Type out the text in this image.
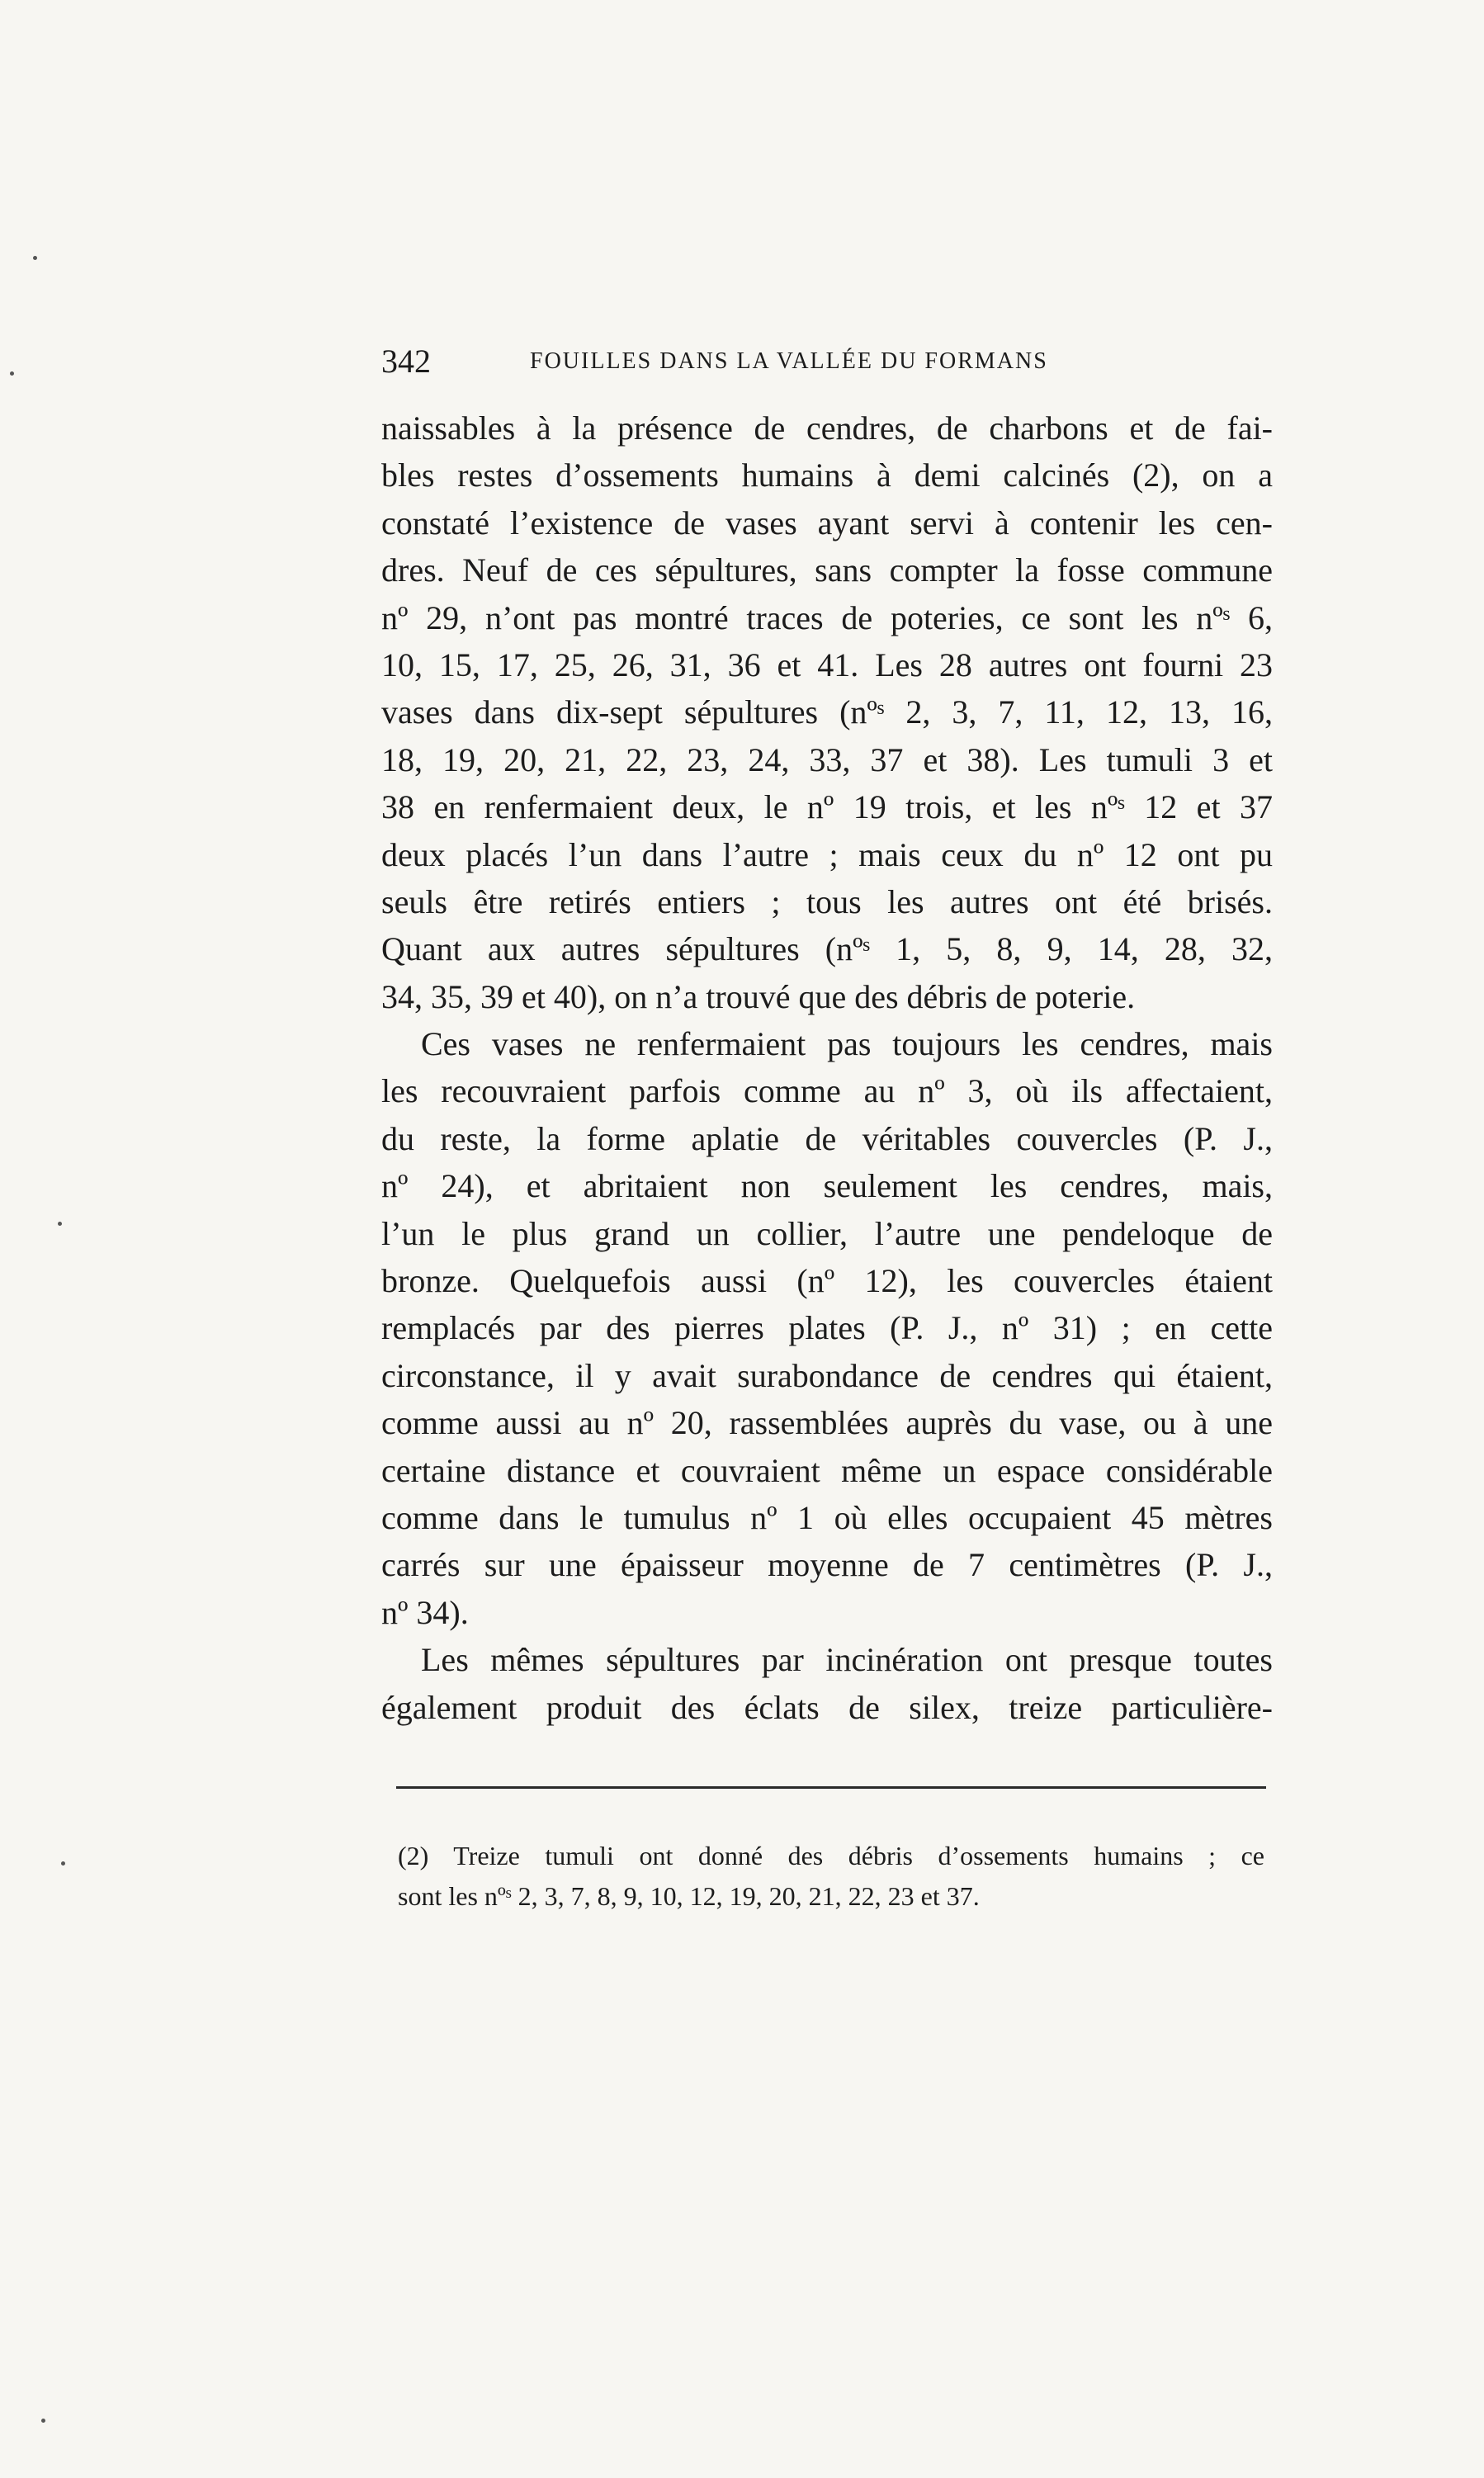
342	FOUILLES DANS LA VALLÉE DU FORMANS
naissables à la présence de cendres, de charbons et de fai-
bles restes d’ossements humains à demi calcinés (2), on a
constaté l’existence de vases ayant servi à contenir les cen-
dres. Neuf de ces sépultures, sans compter la fosse commune
nº 29, n’ont pas montré traces de poteries, ce sont les nºˢ 6,
10, 15, 17, 25, 26, 31, 36 et 41. Les 28 autres ont fourni 23
vases dans dix-sept sépultures (nºˢ 2, 3, 7, 11, 12, 13, 16,
18, 19, 20, 21, 22, 23, 24, 33, 37 et 38). Les tumuli 3 et
38 en renfermaient deux, le nº 19 trois, et les nºˢ 12 et 37
deux placés l’un dans l’autre ; mais ceux du nº 12 ont pu
seuls être retirés entiers ; tous les autres ont été brisés.
Quant aux autres sépultures (nºˢ 1, 5, 8, 9, 14, 28, 32,
34, 35, 39 et 40), on n’a trouvé que des débris de poterie.
Ces vases ne renfermaient pas toujours les cendres, mais
les recouvraient parfois comme au nº 3, où ils affectaient,
du reste, la forme aplatie de véritables couvercles (P. J.,
nº 24), et abritaient non seulement les cendres, mais,
l’un le plus grand un collier, l’autre une pendeloque de
bronze. Quelquefois aussi (nº 12), les couvercles étaient
remplacés par des pierres plates (P. J., nº 31) ; en cette
circonstance, il y avait surabondance de cendres qui étaient,
comme aussi au nº 20, rassemblées auprès du vase, ou à une
certaine distance et couvraient même un espace considérable
comme dans le tumulus nº 1 où elles occupaient 45 mètres
carrés sur une épaisseur moyenne de 7 centimètres (P. J.,
nº 34).
Les mêmes sépultures par incinération ont presque toutes
également produit des éclats de silex, treize particulière-
(2) Treize tumuli ont donné des débris d’ossements humains ; ce
sont les nºˢ 2, 3, 7, 8, 9, 10, 12, 19, 20, 21, 22, 23 et 37.
